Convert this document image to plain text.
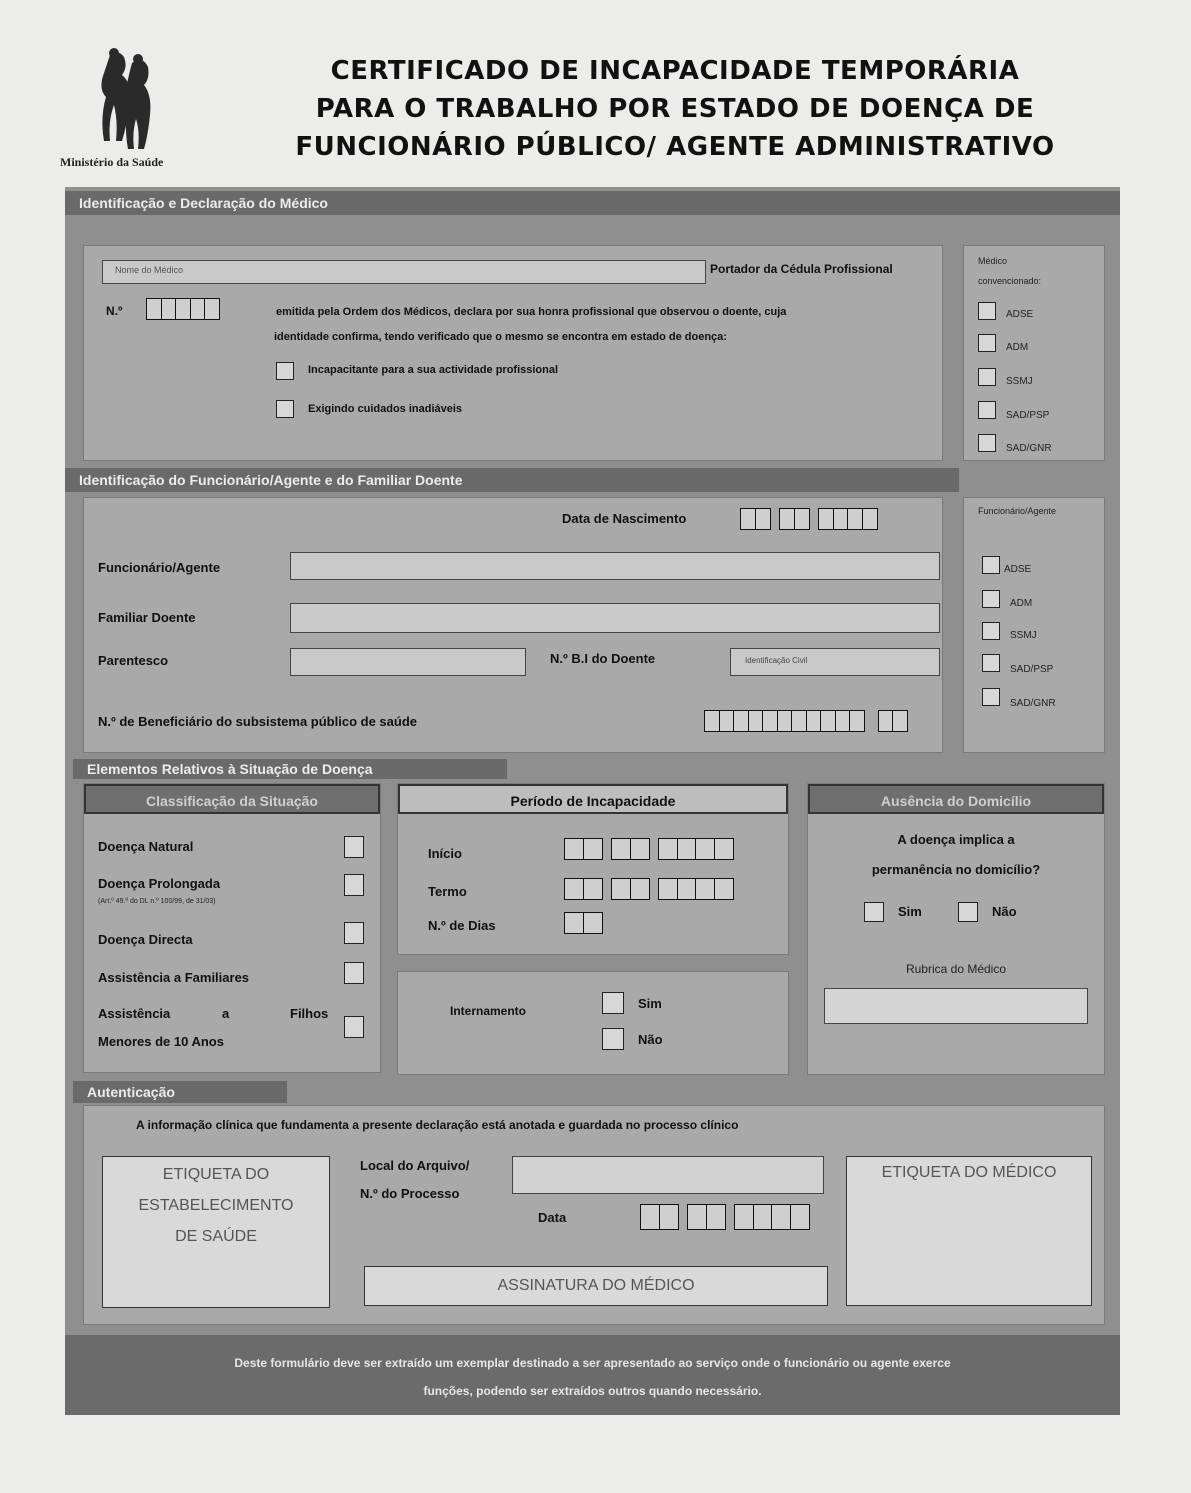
Ministério da Saúde
CERTIFICADO DE INCAPACIDADE TEMPORÁRIA
PARA O TRABALHO POR ESTADO DE DOENÇA DE
FUNCIONÁRIO PÚBLICO/ AGENTE ADMINISTRATIVO
Identificação e Declaração do Médico
Nome do Médico	Portador da Cédula Profissional
N.º	emitida pela Ordem dos Médicos, declara por sua honra profissional que observou o doente, cuja
identidade confirma, tendo verificado que o mesmo se encontra em estado de doença:
Incapacitante para a sua actividade profissional
Exigindo cuidados inadiáveis
Médico
convencionado:
ADSE
ADM
SSMJ
SAD/PSP
SAD/GNR
Identificação do Funcionário/Agente e do Familiar Doente
Data de Nascimento
Funcionário/Agente
Familiar Doente
Parentesco	N.º B.I do Doente	Identificação Civil
N.º de Beneficiário do subsistema público de saúde
Funcionário/Agente
ADSE
ADM
SSMJ
SAD/PSP
SAD/GNR
Elementos Relativos à Situação de Doença
Classificação da Situação
Doença Natural
Doença Prolongada
(Art.º 49.º do DL n.º 100/99, de 31/03)
Doença Directa
Assistência a Familiares
Assistência	a	Filhos
Menores de 10 Anos
Período de Incapacidade
Início
Termo
N.º de Dias
Internamento	Sim
Não
Ausência do Domicílio
A doença implica a
permanência no domicílio?
Sim	Não
Rubrica do Médico
Autenticação
A informação clínica que fundamenta a presente declaração está anotada e guardada no processo clínico
ETIQUETA DO
ESTABELECIMENTO
DE SAÚDE
Local do Arquivo/
N.º do Processo
Data
ASSINATURA DO MÉDICO
ETIQUETA DO MÉDICO
Deste formulário deve ser extraído um exemplar destinado a ser apresentado ao serviço onde o funcionário ou agente exerce
funções, podendo ser extraídos outros quando necessário.
